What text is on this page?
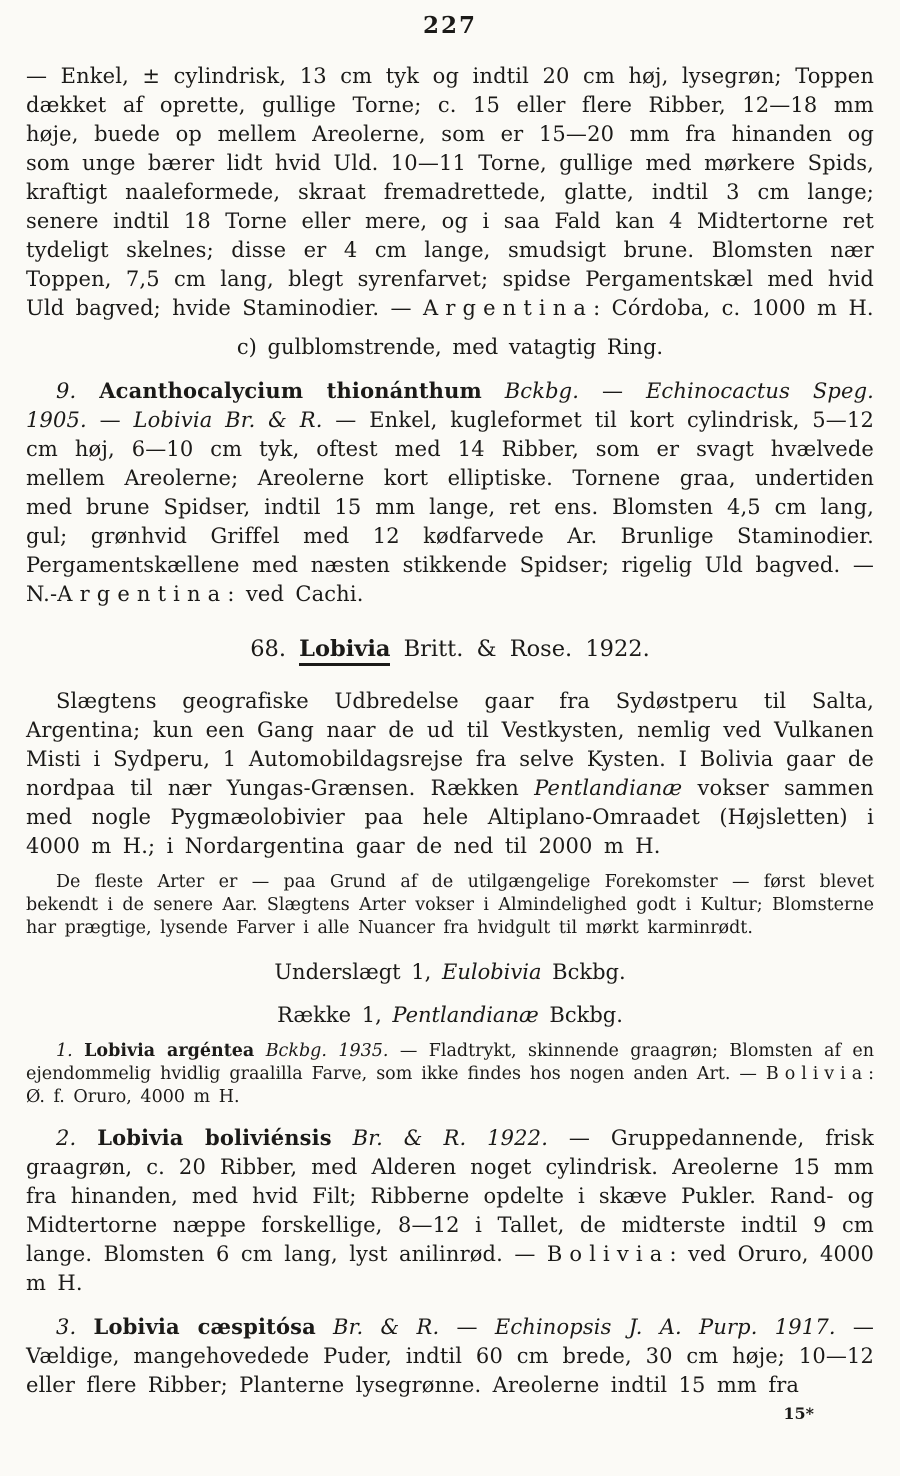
227

— Enkel, ± cylindrisk, 13 cm tyk og indtil 20 cm høj, lysegrøn; Toppen dækket af oprette, gullige Torne; c. 15 eller flere Ribber, 12—18 mm høje, buede op mellem Areolerne, som er 15—20 mm fra hinanden og som unge bærer lidt hvid Uld. 10—11 Torne, gullige med mørkere Spids, kraftigt naaleformede, skraat fremadrettede, glatte, indtil 3 cm lange; senere indtil 18 Torne eller mere, og i saa Fald kan 4 Midtertorne ret tydeligt skelnes; disse er 4 cm lange, smudsigt brune. Blomsten nær Toppen, 7,5 cm lang, blegt syrenfarvet; spidse Pergamentskæl med hvid Uld bagved; hvide Staminodier. — Argentina: Córdoba, c. 1000 m H.

c) gulblomstrende, med vatagtig Ring.

9. Acanthocalycium thionánthum Bckbg. — Echinocactus Speg. 1905. — Lobivia Br. & R. — Enkel, kugleformet til kort cylindrisk, 5—12 cm høj, 6—10 cm tyk, oftest med 14 Ribber, som er svagt hvælvede mellem Areolerne; Areolerne kort elliptiske. Tornene graa, undertiden med brune Spidser, indtil 15 mm lange, ret ens. Blomsten 4,5 cm lang, gul; grønhvid Griffel med 12 kødfarvede Ar. Brunlige Staminodier. Pergamentskællene med næsten stikkende Spidser; rigelig Uld bagved. — N.-Argentina: ved Cachi.

68. Lobivia Britt. & Rose. 1922.

Slægtens geografiske Udbredelse gaar fra Sydøstperu til Salta, Argentina; kun een Gang naar de ud til Vestkysten, nemlig ved Vulkanen Misti i Sydperu, 1 Automobildagsrejse fra selve Kysten. I Bolivia gaar de nordpaa til nær Yungas-Grænsen. Rækken Pentlandianæ vokser sammen med nogle Pygmæolobivier paa hele Altiplano-Omraadet (Højsletten) i 4000 m H.; i Nordargentina gaar de ned til 2000 m H.

De fleste Arter er — paa Grund af de utilgængelige Forekomster — først blevet bekendt i de senere Aar. Slægtens Arter vokser i Almindelighed godt i Kultur; Blomsterne har prægtige, lysende Farver i alle Nuancer fra hvidgult til mørkt karminrødt.

Underslægt 1, Eulobivia Bckbg.

Række 1, Pentlandianæ Bckbg.

1. Lobivia argéntea Bckbg. 1935. — Fladtrykt, skinnende graagrøn; Blomsten af en ejendommelig hvidlig graalilla Farve, som ikke findes hos nogen anden Art. — Bolivia: Ø. f. Oruro, 4000 m H.

2. Lobivia boliviénsis Br. & R. 1922. — Gruppedannende, frisk graagrøn, c. 20 Ribber, med Alderen noget cylindrisk. Areolerne 15 mm fra hinanden, med hvid Filt; Ribberne opdelte i skæve Pukler. Rand- og Midtertorne næppe forskellige, 8—12 i Tallet, de midterste indtil 9 cm lange. Blomsten 6 cm lang, lyst anilinrød. — Bolivia: ved Oruro, 4000 m H.

3. Lobivia cæspitósa Br. & R. — Echinopsis J. A. Purp. 1917. — Vældige, mangehovedede Puder, indtil 60 cm brede, 30 cm høje; 10—12 eller flere Ribber; Planterne lysegrønne. Areolerne indtil 15 mm fra

15*
